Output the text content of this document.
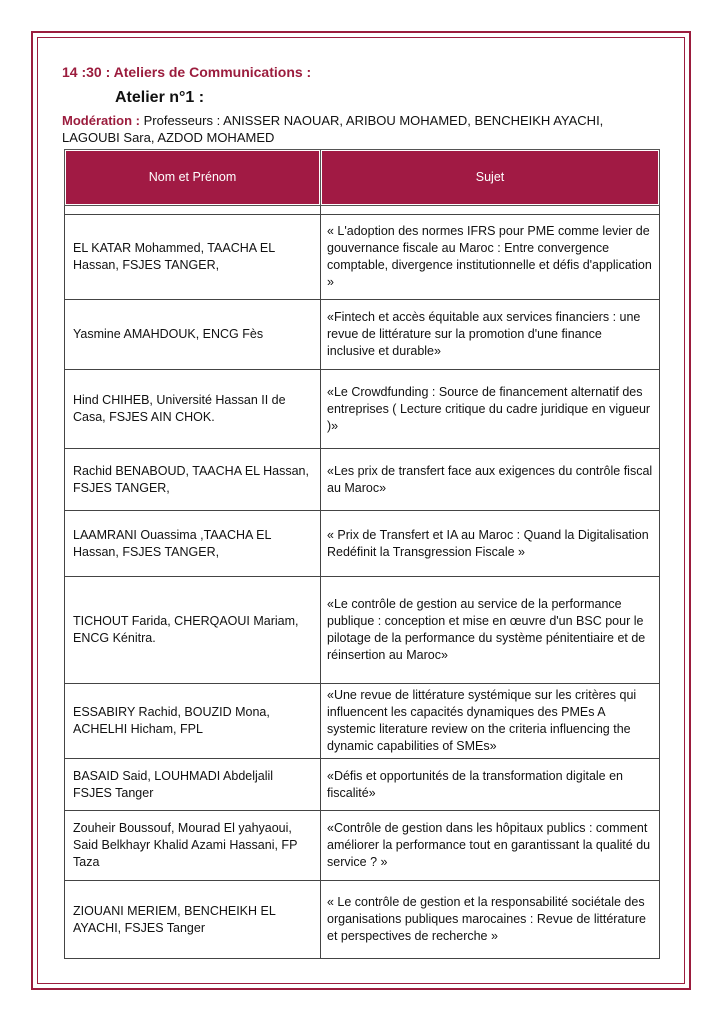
14 :30 : Ateliers de Communications :
Atelier n°1 :
Modération : Professeurs : ANISSER NAOUAR, ARIBOU MOHAMED, BENCHEIKH AYACHI, LAGOUBI Sara, AZDOD MOHAMED
Nom et Prénom	Sujet

EL KATAR Mohammed, TAACHA EL Hassan, FSJES TANGER,	« L'adoption des normes IFRS pour PME comme levier de gouvernance fiscale au Maroc : Entre convergence comptable, divergence institutionnelle et défis d'application »
Yasmine AMAHDOUK, ENCG Fès	«Fintech et accès équitable aux services financiers : une revue de littérature sur la promotion d'une finance inclusive et durable»
Hind CHIHEB, Université Hassan II de Casa, FSJES AIN CHOK.	«Le Crowdfunding : Source de financement alternatif des entreprises ( Lecture critique du cadre juridique en vigueur )»
Rachid BENABOUD, TAACHA EL Hassan, FSJES TANGER,	«Les prix de transfert face aux exigences du contrôle fiscal au Maroc»
LAAMRANI Ouassima ,TAACHA EL Hassan, FSJES TANGER,	« Prix de Transfert et IA au Maroc : Quand la Digitalisation Redéfinit la Transgression Fiscale »
TICHOUT Farida, CHERQAOUI Mariam, ENCG Kénitra.	«Le contrôle de gestion au service de la performance publique : conception et mise en œuvre d'un BSC pour le pilotage de la performance du système pénitentiaire et de réinsertion au Maroc»
ESSABIRY Rachid, BOUZID Mona, ACHELHI Hicham, FPL	«Une revue de littérature systémique sur les critères qui influencent les capacités dynamiques des PMEs A systemic literature review on the criteria influencing the dynamic capabilities of SMEs»
BASAID Said, LOUHMADI Abdeljalil FSJES Tanger	«Défis et opportunités de la transformation digitale en fiscalité»
Zouheir Boussouf, Mourad El yahyaoui, Said Belkhayr Khalid Azami Hassani, FP Taza	«Contrôle de gestion dans les hôpitaux publics : comment améliorer la performance tout en garantissant la qualité du service ? »
ZIOUANI MERIEM, BENCHEIKH EL AYACHI, FSJES Tanger	« Le contrôle de gestion et la responsabilité sociétale des organisations publiques marocaines : Revue de littérature et perspectives de recherche »
